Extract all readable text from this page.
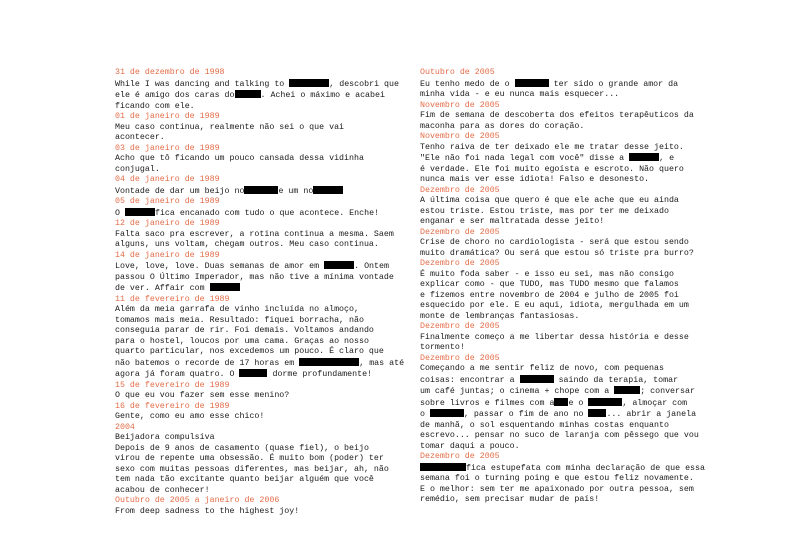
31 de dezembro de 1998
While I was dancing and talking to	, descobri que
ele é amigo dos caras do	. Achei o máximo e acabei
ficando com ele.
01 de janeiro de 1989
Meu caso continua, realmente não sei o que vai
acontecer.
03 de janeiro de 1989
Acho que tô ficando um pouco cansada dessa vidinha
conjugal.
04 de janeiro de 1989
Vontade de dar um beijo no	e um no
05 de janeiro de 1989
O	fica encanado com tudo o que acontece. Enche!
12 de janeiro de 1989
Falta saco pra escrever, a rotina continua a mesma. Saem
alguns, uns voltam, chegam outros. Meu caso continua.
14 de janeiro de 1989
Love, love, love. Duas semanas de amor em	. Ontem
passou O Último Imperador, mas não tive a mínima vontade
de ver. Affair com
11 de fevereiro de 1989
Além da meia garrafa de vinho incluída no almoço,
tomamos mais meia. Resultado: fiquei borracha, não
conseguia parar de rir. Foi demais. Voltamos andando
para o hostel, loucos por uma cama. Graças ao nosso
quarto particular, nos excedemos um pouco. É claro que
não batemos o recorde de 17 horas em	, mas até
agora já foram quatro. O	dorme profundamente!
15 de fevereiro de 1989
O que eu vou fazer sem esse menino?
16 de fevereiro de 1989
Gente, como eu amo esse chico!
2004
Beijadora compulsiva
Depois de 9 anos de casamento (quase fiel), o beijo
virou de repente uma obsessão. É muito bom (poder) ter
sexo com muitas pessoas diferentes, mas beijar, ah, não
tem nada tão excitante quanto beijar alguém que você
acabou de conhecer!
Outubro de 2005 a janeiro de 2006
From deep sadness to the highest joy!
Outubro de 2005
Eu tenho medo de o	ter sido o grande amor da
minha vida - e eu nunca mais esquecer...
Novembro de 2005
Fim de semana de descoberta dos efeitos terapêuticos da
maconha para as dores do coração.
Novembro de 2005
Tenho raiva de ter deixado ele me tratar desse jeito.
"Ele não foi nada legal com você" disse a	, e
é verdade. Ele foi muito egoísta e escroto. Não quero
nunca mais ver esse idiota! Falso e desonesto.
Dezembro de 2005
A última coisa que quero é que ele ache que eu ainda
estou triste. Estou triste, mas por ter me deixado
enganar e ser maltratada desse jeito!
Dezembro de 2005
Crise de choro no cardiologista - será que estou sendo
muito dramática? Ou será que estou só triste pra burro?
Dezembro de 2005
É muito foda saber - e isso eu sei, mas não consigo
explicar como - que TUDO, mas TUDO mesmo que falamos
e fizemos entre novembro de 2004 e julho de 2005 foi
esquecido por ele. E eu aqui, idiota, mergulhada em um
monte de lembranças fantasiosas.
Dezembro de 2005
Finalmente começo a me libertar dessa história e desse
tormento!
Dezembro de 2005
Começando a me sentir feliz de novo, com pequenas
coisas: encontrar a	saindo da terapia, tomar
um café juntas; o cinema + chope com a	; conversar
sobre livros e filmes com a e o	, almoçar com
o	, passar o fim de ano no ... abrir a janela
de manhã, o sol esquentando minhas costas enquanto
escrevo... pensar no suco de laranja com pêssego que vou
tomar daqui a pouco.
Dezembro de 2005
fica estupefata com minha declaração de que essa
semana foi o turning poing e que estou feliz novamente.
E o melhor: sem ter me apaixonado por outra pessoa, sem
remédio, sem precisar mudar de país!
